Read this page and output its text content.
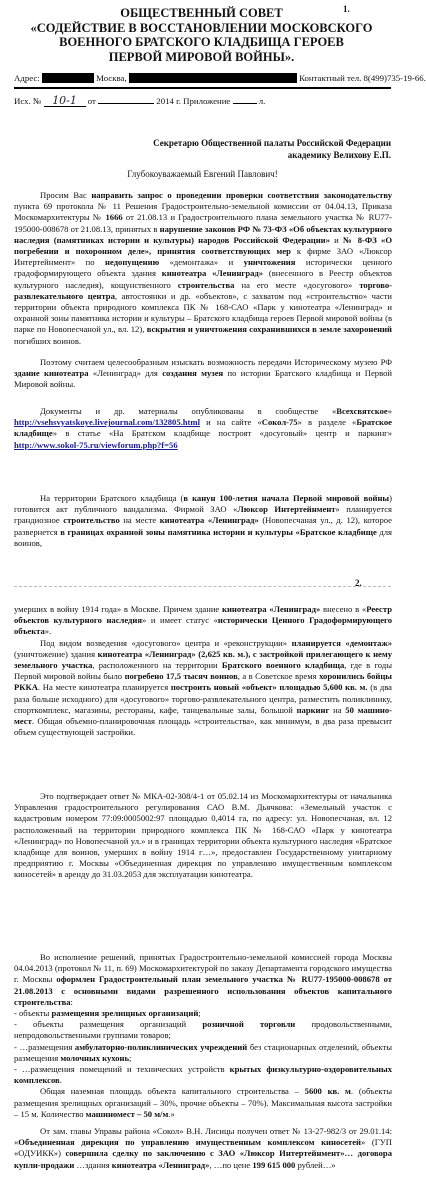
1.
ОБЩЕСТВЕННЫЙ СОВЕТ
«СОДЕЙСТВИЕ В ВОССТАНОВЛЕНИИ МОСКОВСКОГО
ВОЕННОГО БРАТСКОГО КЛАДБИЩА ГЕРОЕВ
ПЕРВОЙ МИРОВОЙ ВОЙНЫ».
Адрес:	Москва,	Контактный тел. 8(499)735-19-66.
Исх. № 10-1 от	2014 г. Приложение	л.
Секретарю Общественной палаты Российской Федерации
академику Велихову Е.П.
Глубокоуважаемый Евгений Павлович!

Просим Вас направить запрос о проведении проверки соответствия законодательству пункта 69 протокола № 11 Решения Градостроительно-земельной комиссии от 04.04.13, Приказа Москомархитектуры № 1666 от 21.08.13 и Градостроительного плана земельного участка № RU77-195000-008678 от 21.08.13, принятых в нарушение законов РФ № 73-ФЗ «Об объектах культурного наследия (памятниках истории и культуры) народов Российской Федерации» и № 8-ФЗ «О погребении и похоронном деле», принятия соответствующих мер к фирме ЗАО «Люксор Интертейнмент» по недопущению «демонтажа» и уничтожения исторически ценного градоформирующего объекта здания кинотеатра «Ленинград» (внесенного в Реестр объектов культурного наследия), кощунственного строительства на его месте «досугового» торгово-развлекательного центра, автостоянки и др. «объектов», с захватом под «строительство» части территории объекта природного комплекса ПК № 168-САО «Парк у кинотеатра «Ленинград» и охранной зоны памятника истории и культуры – Братского кладбища героев Первой мировой войны (в парке по Новопесчаной ул., вл. 12), вскрытия и уничтожения сохранившихся в земле захоронений погибших воинов.

Поэтому считаем целесообразным изыскать возможность передачи Историческому музею РФ здание кинотеатра «Ленинград» для создания музея по истории Братского кладбища и Первой Мировой войны.

Документы и др. материалы опубликованы в сообществе «Всехсвятское» http://vsehsvyatskoye.livejournal.com/132805.html и на сайте «Сокол-75» в разделе «Братское кладбище» в статье «На Братском кладбище построят «досуговый» центр и паркинг» http://www.sokol-75.ru/viewforum.php?f=56

На территории Братского кладбища (в канун 100-летия начала Первой мировой войны) готовится акт публичного вандализма. Фирмой ЗАО «Люксор Интертейнмент» планируется грандиозное строительство на месте кинотеатра «Ленинград» (Новопесчаная ул., д. 12), которое развернется в границах охранной зоны памятника истории и культуры «Братское кладбище для воинов,

2.

умерших в войну 1914 года» в Москве. Причем здание кинотеатра «Ленинград» внесено в «Реестр объектов культурного наследия» и имеет статус «исторически Ценного Градоформирующего объекта».

Под видом возведения «досугового» центра и «реконструкции» планируется «демонтаж» (уничтожение) здания кинотеатра «Ленинград» (2,625 кв. м.), с застройкой прилегающего к нему земельного участка, расположенного на территории Братского военного кладбища, где в годы Первой мировой войны было погребено 17,5 тысяч воинов, а в Советское время хоронились бойцы РККА. На месте кинотеатра планируется построить новый «объект» площадью 5,600 кв. м. (в два раза больше исходного) для «досугового» торгово-развлекательного центра, разместить поликлинику, спорткомплекс, магазины, рестораны, кафе, танцевальные залы, большой паркинг на 50 машино-мест. Общая объемно-планировочная площадь «строительства», как минимум, в два раза превысит объем существующей застройки.

Это подтверждает ответ № МКА-02-308/4-1 от 05.02.14 из Москомархитектуры от начальника Управления градостроительного регулирования САО В.М. Дьячкова: «Земельный участок с кадастровым номером 77:09:0005002:97 площадью 0,4014 га, по адресу: ул. Новопесчаная, вл. 12 расположенный на территории природного комплекса ПК № 168-САО «Парк у кинотеатра «Ленинград» по Новопесчаной ул.» и в границах территории объекта культурного наследия «Братское кладбище для воинов, умерших в войну 1914 г…», предоставлен Государственному унитарному предприятию г. Москвы «Объединенная дирекция по управлению имущественным комплексом киносетей» в аренду до 31.03.2053 для эксплуатации кинотеатра.

Во исполнение решений, принятых Градостроительно-земельной комиссией города Москвы 04.04.2013 (протокол № 11, п. 69) Москомархитектурой по заказу Департамента городского имущества г. Москвы оформлен Градостроительный план земельного участка № RU77-195000-008678 от 21.08.2013 с основными видами разрешенного использования объектов капитального строительства:

- объекты размещения зрелищных организаций;

- объекты размещения организаций розничной торговли продовольственными, непродовольственными группами товаров;

- …размещения амбулаторно-поликлинических учреждений без стационарных отделений, объекты размещения молочных кухонь;

- …размещения помещений и технических устройств крытых физкультурно-оздоровительных комплексов.

Общая наземная площадь объекта капитального строительства – 5600 кв. м. (объекты размещения зрелищных организаций – 30%, прочие объекты – 70%). Максимальная высота застройки – 15 м. Количество машиномест – 50 м/м.»

От зам. главы Управы района «Сокол» В.Н. Лисицы получен ответ № 13-27-982/3 от 29.01.14: «Объединенная дирекция по управлению имущественным комплексом киносетей» (ГУП «ОДУИКК») совершила сделку по заключению с ЗАО «Люксор Интертейнмент»… договора купли-продажи …здания кинотеатра «Ленинград», …по цене 199 615 000 рублей…»
